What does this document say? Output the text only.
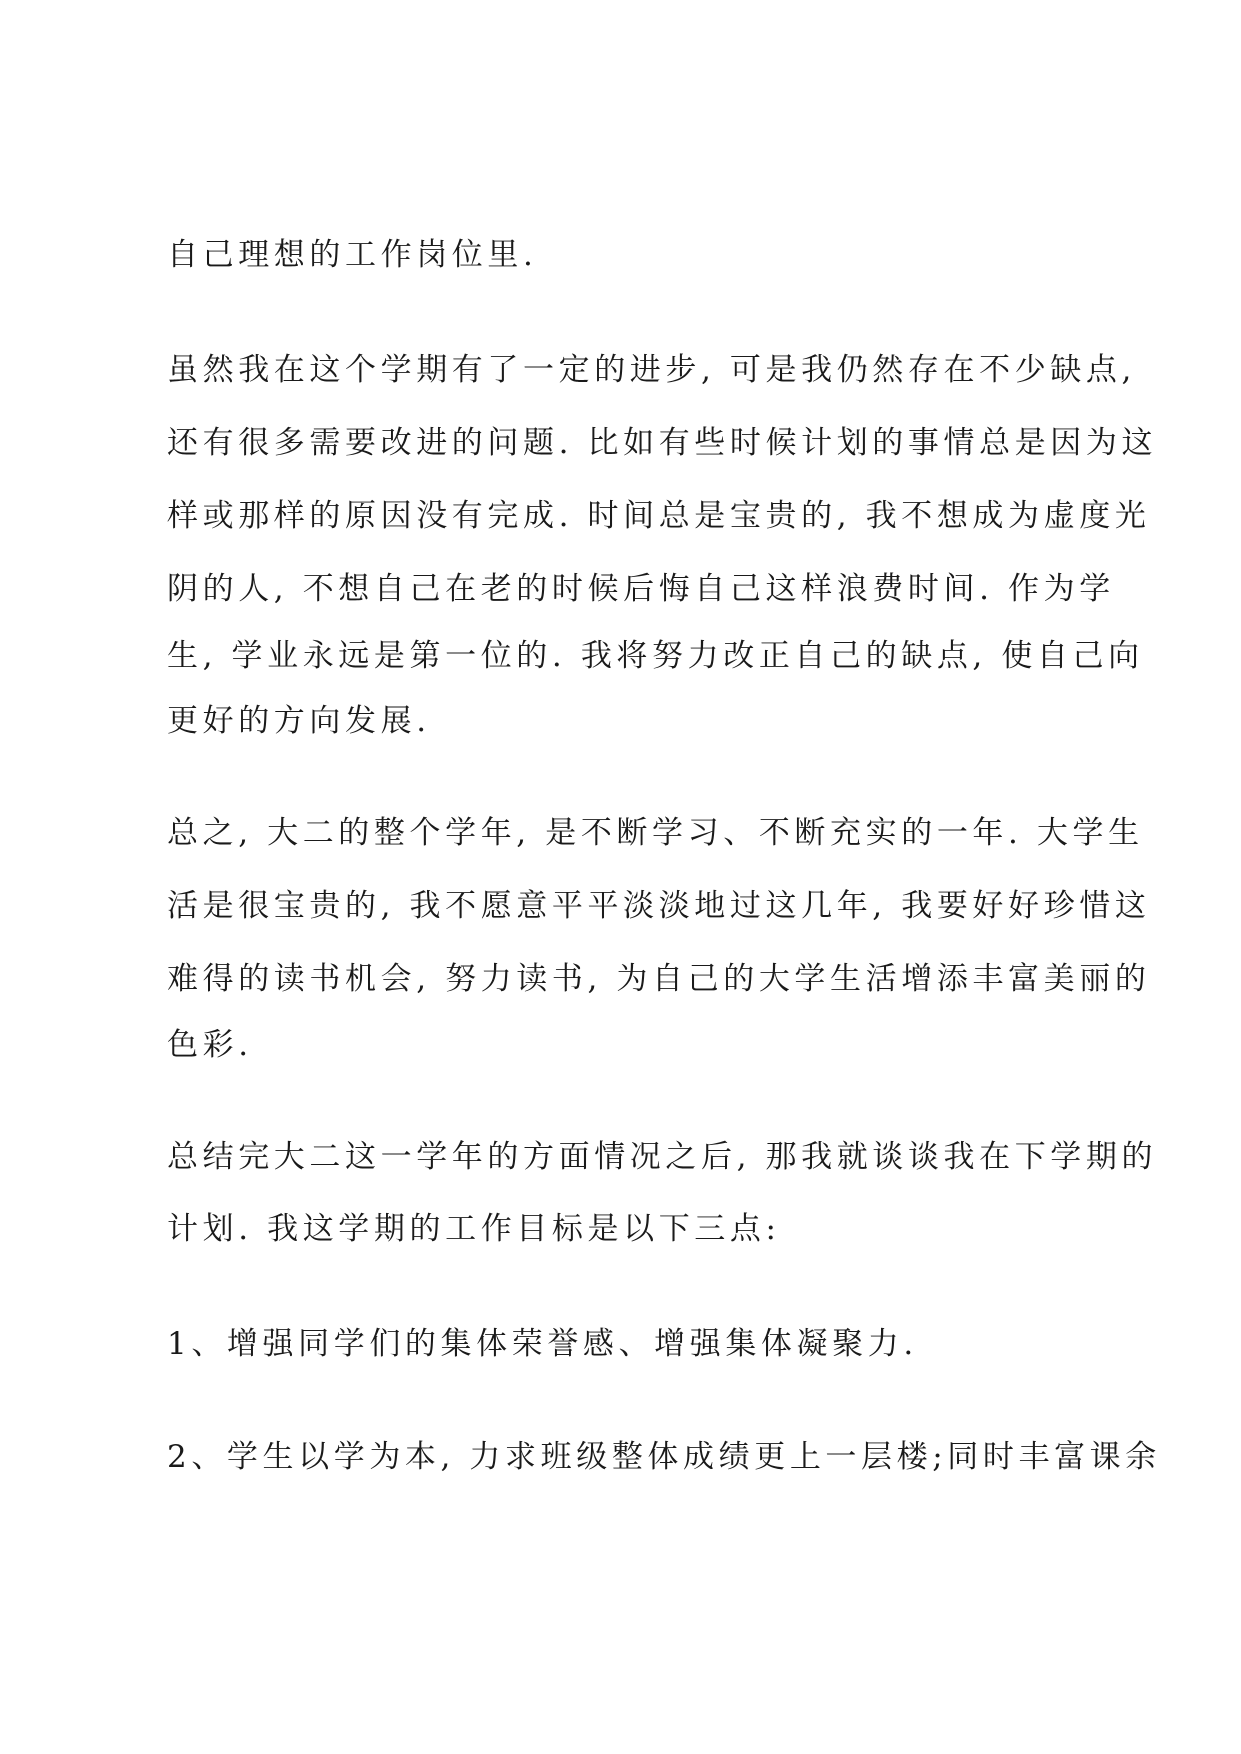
自己理想的工作岗位里.
虽然我在这个学期有了一定的进步, 可是我仍然存在不少缺点,
还有很多需要改进的问题. 比如有些时候计划的事情总是因为这
样或那样的原因没有完成. 时间总是宝贵的, 我不想成为虚度光
阴的人, 不想自己在老的时候后悔自己这样浪费时间. 作为学
生, 学业永远是第一位的. 我将努力改正自己的缺点, 使自己向
更好的方向发展.
总之, 大二的整个学年, 是不断学习、不断充实的一年. 大学生
活是很宝贵的, 我不愿意平平淡淡地过这几年, 我要好好珍惜这
难得的读书机会, 努力读书, 为自己的大学生活增添丰富美丽的
色彩.
总结完大二这一学年的方面情况之后, 那我就谈谈我在下学期的
计划. 我这学期的工作目标是以下三点:
1、增强同学们的集体荣誉感、增强集体凝聚力.
2、学生以学为本, 力求班级整体成绩更上一层楼;同时丰富课余
